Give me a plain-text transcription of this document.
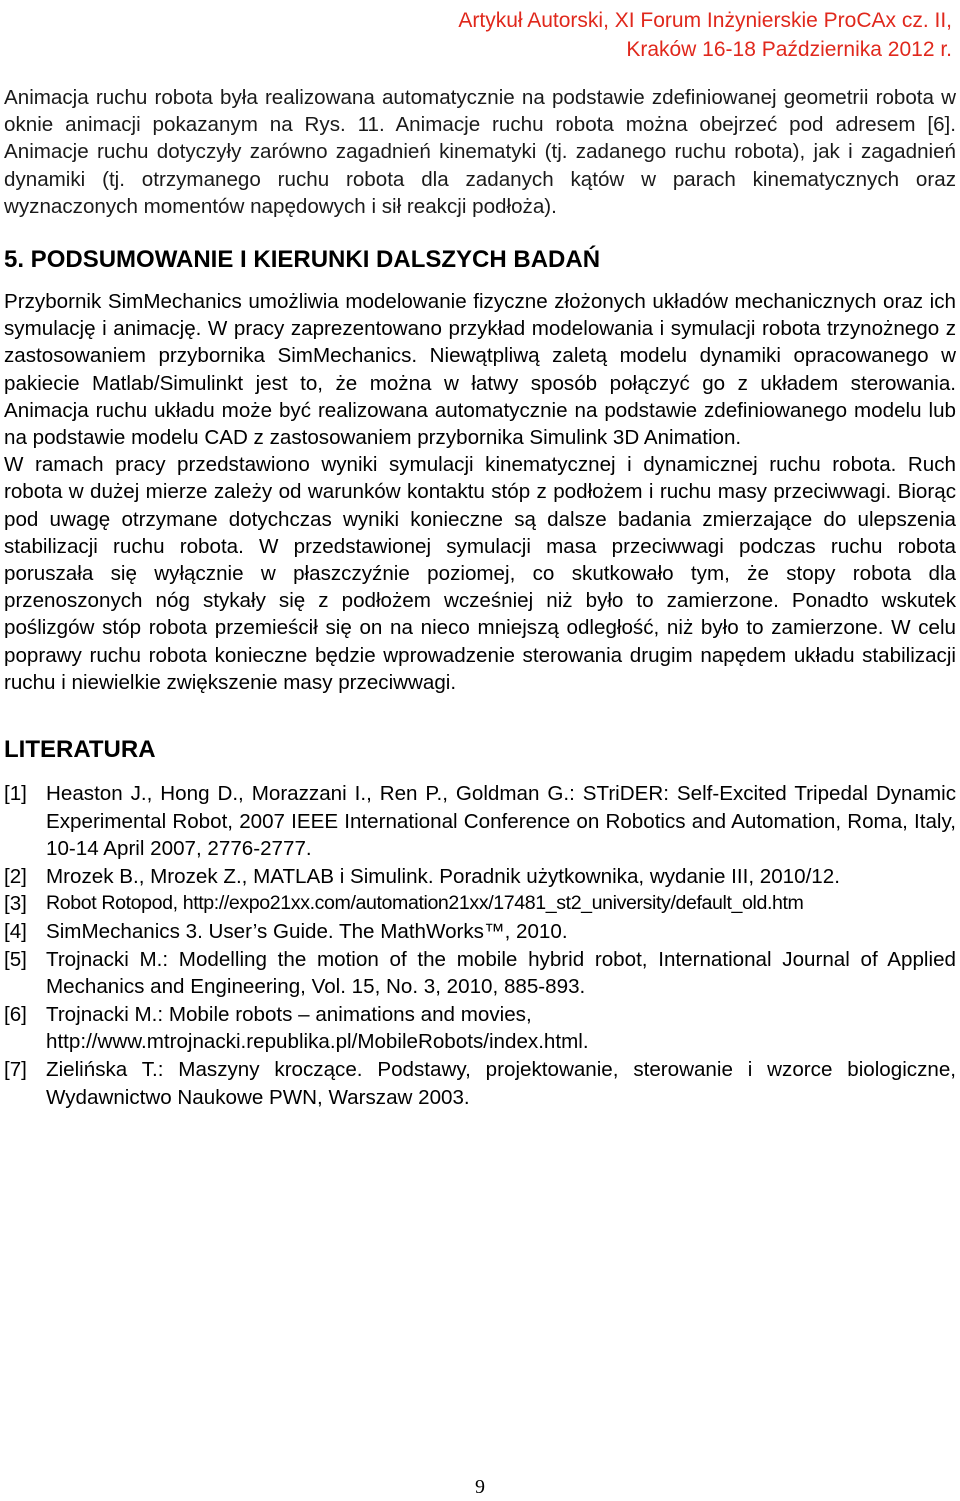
Artykuł Autorski, XI Forum Inżynierskie ProCAx cz. II,
Kraków 16-18 Października 2012 r.

Animacja ruchu robota była realizowana automatycznie na podstawie zdefiniowanej geometrii robota w oknie animacji pokazanym na Rys. 11. Animacje ruchu robota można obejrzeć pod adresem [6]. Animacje ruchu dotyczyły zarówno zagadnień kinematyki (tj. zadanego ruchu robota), jak i zagadnień dynamiki (tj. otrzymanego ruchu robota dla zadanych kątów w parach kinematycznych oraz wyznaczonych momentów napędowych i sił reakcji podłoża).

5. PODSUMOWANIE I KIERUNKI DALSZYCH BADAŃ

Przybornik SimMechanics umożliwia modelowanie fizyczne złożonych układów mechanicznych oraz ich symulację i animację. W pracy zaprezentowano przykład modelowania i symulacji robota trzynożnego z zastosowaniem przybornika SimMechanics. Niewątpliwą zaletą modelu dynamiki opracowanego w pakiecie Matlab/Simulinkt jest to, że można w łatwy sposób połączyć go z układem sterowania. Animacja ruchu układu może być realizowana automatycznie na podstawie zdefiniowanego modelu lub na podstawie modelu CAD z zastosowaniem przybornika Simulink 3D Animation.

W ramach pracy przedstawiono wyniki symulacji kinematycznej i dynamicznej ruchu robota. Ruch robota w dużej mierze zależy od warunków kontaktu stóp z podłożem i ruchu masy przeciwwagi. Biorąc pod uwagę otrzymane dotychczas wyniki konieczne są dalsze badania zmierzające do ulepszenia stabilizacji ruchu robota. W przedstawionej symulacji masa przeciwwagi podczas ruchu robota poruszała się wyłącznie w płaszczyźnie poziomej, co skutkowało tym, że stopy robota dla przenoszonych nóg stykały się z podłożem wcześniej niż było to zamierzone. Ponadto wskutek poślizgów stóp robota przemieścił się on na nieco mniejszą odległość, niż było to zamierzone. W celu poprawy ruchu robota konieczne będzie wprowadzenie sterowania drugim napędem układu stabilizacji ruchu i niewielkie zwiększenie masy przeciwwagi.

LITERATURA
[1] Heaston J., Hong D., Morazzani I., Ren P., Goldman G.: STriDER: Self-Excited Tripedal Dynamic Experimental Robot, 2007 IEEE International Conference on Robotics and Automation, Roma, Italy, 10-14 April 2007, 2776-2777.
[2] Mrozek B., Mrozek Z., MATLAB i Simulink. Poradnik użytkownika, wydanie III, 2010/12.
[3] Robot Rotopod, http://expo21xx.com/automation21xx/17481_st2_university/default_old.htm
[4] SimMechanics 3. User’s Guide. The MathWorks™, 2010.
[5] Trojnacki M.: Modelling the motion of the mobile hybrid robot, International Journal of Applied Mechanics and Engineering, Vol. 15, No. 3, 2010, 885-893.
[6] Trojnacki M.: Mobile robots – animations and movies,
http://www.mtrojnacki.republika.pl/MobileRobots/index.html.
[7] Zielińska T.: Maszyny kroczące. Podstawy, projektowanie, sterowanie i wzorce biologiczne, Wydawnictwo Naukowe PWN, Warszaw 2003.
9
